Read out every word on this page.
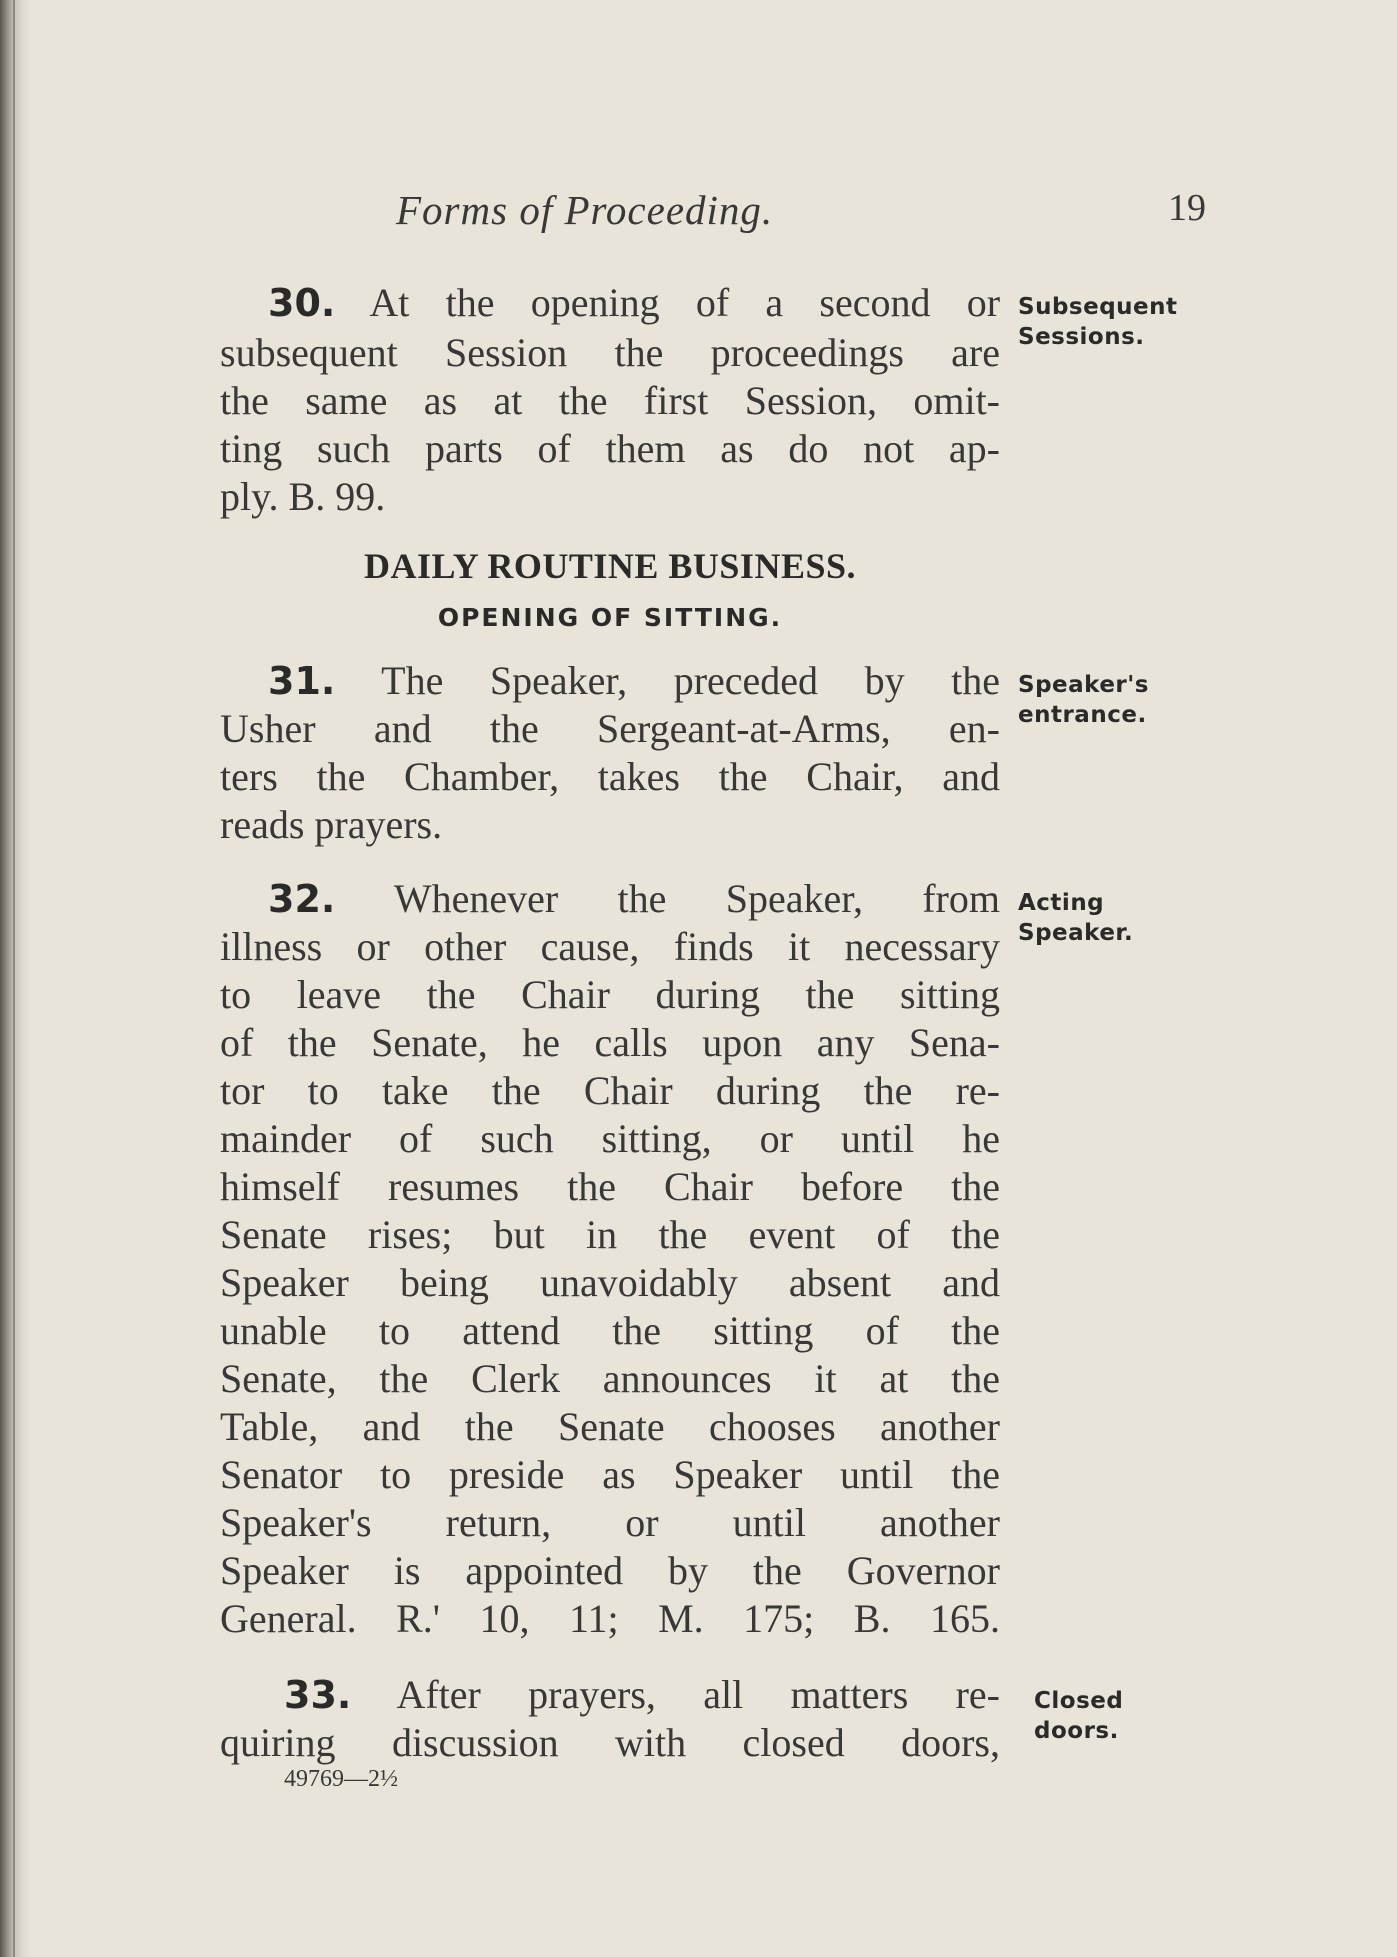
Forms of Proceeding.	19
30. At the opening of a second or
subsequent Session the proceedings are
the same as at the first Session, omit-
ting such parts of them as do not ap-
ply. B. 99.
Subsequent
Sessions.
DAILY ROUTINE BUSINESS.
OPENING OF SITTING.
31. The Speaker, preceded by the
Usher and the Sergeant-at-Arms, en-
ters the Chamber, takes the Chair, and
reads prayers.
Speaker's
entrance.
32. Whenever the Speaker, from
illness or other cause, finds it necessary
to leave the Chair during the sitting
of the Senate, he calls upon any Sena-
tor to take the Chair during the re-
mainder of such sitting, or until he
himself resumes the Chair before the
Senate rises; but in the event of the
Speaker being unavoidably absent and
unable to attend the sitting of the
Senate, the Clerk announces it at the
Table, and the Senate chooses another
Senator to preside as Speaker until the
Speaker's return, or until another
Speaker is appointed by the Governor
General. R.' 10, 11; M. 175; B. 165.
Acting
Speaker.
33. After prayers, all matters re-
quiring discussion with closed doors,
Closed
doors.
49769—2½
